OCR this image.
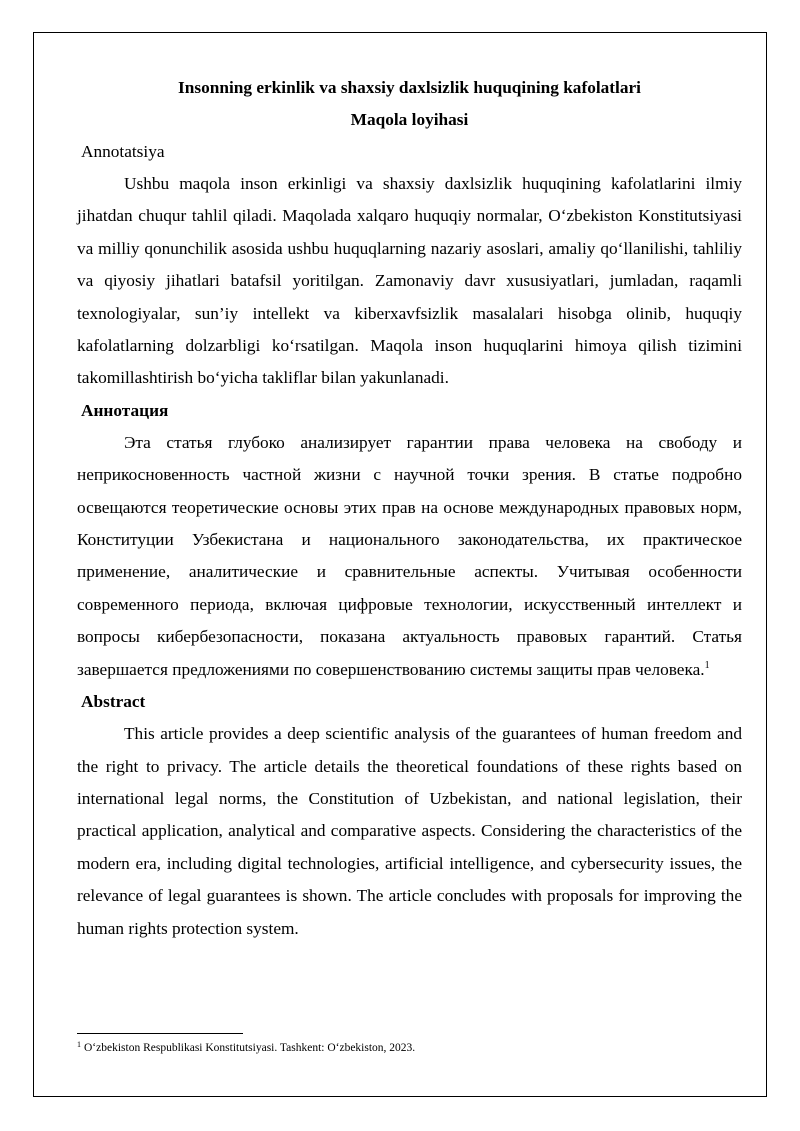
Insonning erkinlik va shaxsiy daxlsizlik huquqining kafolatlari

Maqola loyihasi

Annotatsiya

Ushbu maqola inson erkinligi va shaxsiy daxlsizlik huquqining kafolatlarini ilmiy jihatdan chuqur tahlil qiladi. Maqolada xalqaro huquqiy normalar, O‘zbekiston Konstitutsiyasi va milliy qonunchilik asosida ushbu huquqlarning nazariy asoslari, amaliy qo‘llanilishi, tahliliy va qiyosiy jihatlari batafsil yoritilgan. Zamonaviy davr xususiyatlari, jumladan, raqamli texnologiyalar, sun’iy intellekt va kiberxavfsizlik masalalari hisobga olinib, huquqiy kafolatlarning dolzarbligi ko‘rsatilgan. Maqola inson huquqlarini himoya qilish tizimini takomillashtirish bo‘yicha takliflar bilan yakunlanadi.

Аннотация

Эта статья глубоко анализирует гарантии права человека на свободу и неприкосновенность частной жизни с научной точки зрения. В статье подробно освещаются теоретические основы этих прав на основе международных правовых норм, Конституции Узбекистана и национального законодательства, их практическое применение, аналитические и сравнительные аспекты. Учитывая особенности современного периода, включая цифровые технологии, искусственный интеллект и вопросы кибербезопасности, показана актуальность правовых гарантий. Статья завершается предложениями по совершенствованию системы защиты прав человека.$^1$

Abstract

This article provides a deep scientific analysis of the guarantees of human freedom and the right to privacy. The article details the theoretical foundations of these rights based on international legal norms, the Constitution of Uzbekistan, and national legislation, their practical application, analytical and comparative aspects. Considering the characteristics of the modern era, including digital technologies, artificial intelligence, and cybersecurity issues, the relevance of legal guarantees is shown. The article concludes with proposals for improving the human rights protection system.

$^1$ O‘zbekiston Respublikasi Konstitutsiyasi. Tashkent: O‘zbekiston, 2023.
